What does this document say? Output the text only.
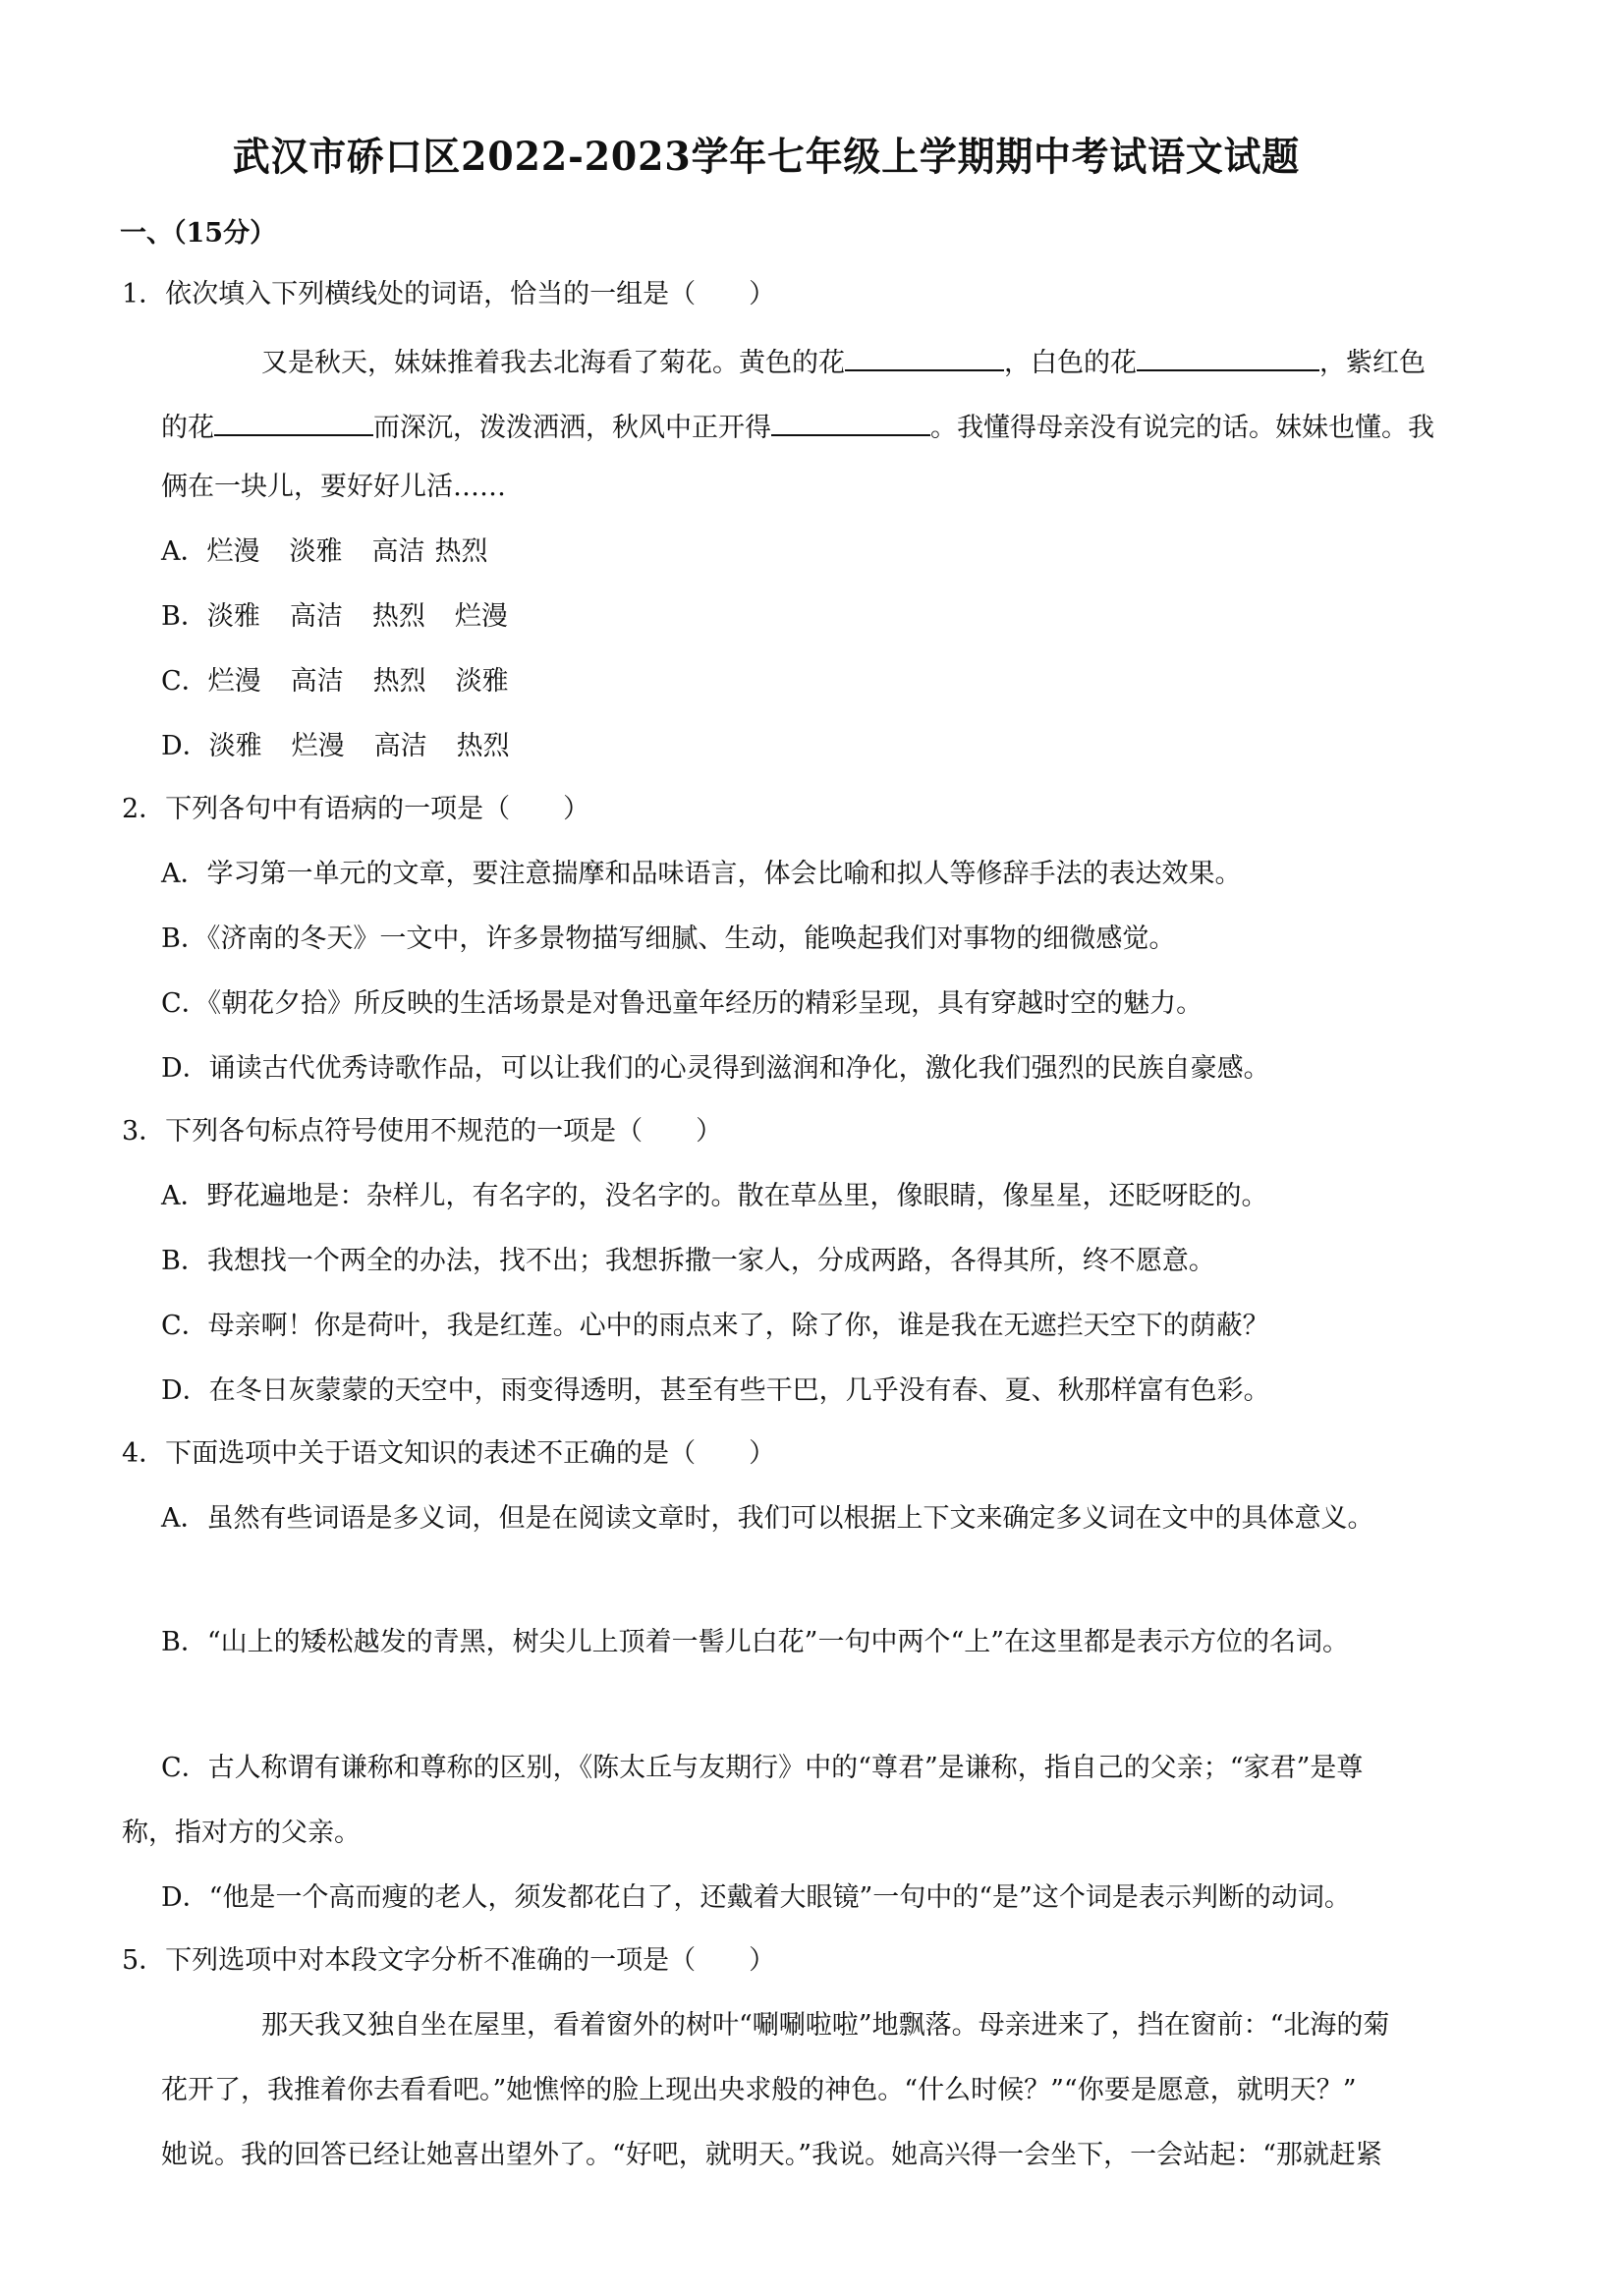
武汉市硚口区2022-2023学年七年级上学期期中考试语文试题
一、（15分）
1．依次填入下列横线处的词语，恰当的一组是（　　）
又是秋天，妹妹推着我去北海看了菊花。黄色的花	，白色的花	，紫红色
的花	而深沉，泼泼洒洒，秋风中正开得	。我懂得母亲没有说完的话。妹妹也懂。我
俩在一块儿，要好好儿活……
A．烂漫 淡雅 高洁 热烈
B．淡雅 高洁 热烈 烂漫
C．烂漫 高洁 热烈 淡雅
D．淡雅 烂漫 高洁 热烈
2．下列各句中有语病的一项是（　　）
A．学习第一单元的文章，要注意揣摩和品味语言，体会比喻和拟人等修辞手法的表达效果。
B．《济南的冬天》一文中，许多景物描写细腻、生动，能唤起我们对事物的细微感觉。
C．《朝花夕拾》所反映的生活场景是对鲁迅童年经历的精彩呈现，具有穿越时空的魅力。
D．诵读古代优秀诗歌作品，可以让我们的心灵得到滋润和净化，激化我们强烈的民族自豪感。
3．下列各句标点符号使用不规范的一项是（　　）
A．野花遍地是：杂样儿，有名字的，没名字的。散在草丛里，像眼睛，像星星，还眨呀眨的。
B．我想找一个两全的办法，找不出；我想拆撒一家人，分成两路，各得其所，终不愿意。
C．母亲啊！你是荷叶，我是红莲。心中的雨点来了，除了你，谁是我在无遮拦天空下的荫蔽？
D．在冬日灰蒙蒙的天空中，雨变得透明，甚至有些干巴，几乎没有春、夏、秋那样富有色彩。
4．下面选项中关于语文知识的表述不正确的是（　　）
A．虽然有些词语是多义词，但是在阅读文章时，我们可以根据上下文来确定多义词在文中的具体意义。
B．“山上的矮松越发的青黑，树尖儿上顶着一髻儿白花”一句中两个“上”在这里都是表示方位的名词。
C．古人称谓有谦称和尊称的区别，《陈太丘与友期行》中的“尊君”是谦称，指自己的父亲；“家君”是尊
称，指对方的父亲。
D．“他是一个高而瘦的老人，须发都花白了，还戴着大眼镜”一句中的“是”这个词是表示判断的动词。
5．下列选项中对本段文字分析不准确的一项是（　　）
那天我又独自坐在屋里，看着窗外的树叶“唰唰啦啦”地飘落。母亲进来了，挡在窗前：“北海的菊
花开了，我推着你去看看吧。”她憔悴的脸上现出央求般的神色。“什么时候？”“你要是愿意，就明天？”
她说。我的回答已经让她喜出望外了。“好吧，就明天。”我说。她高兴得一会坐下，一会站起：“那就赶紧
